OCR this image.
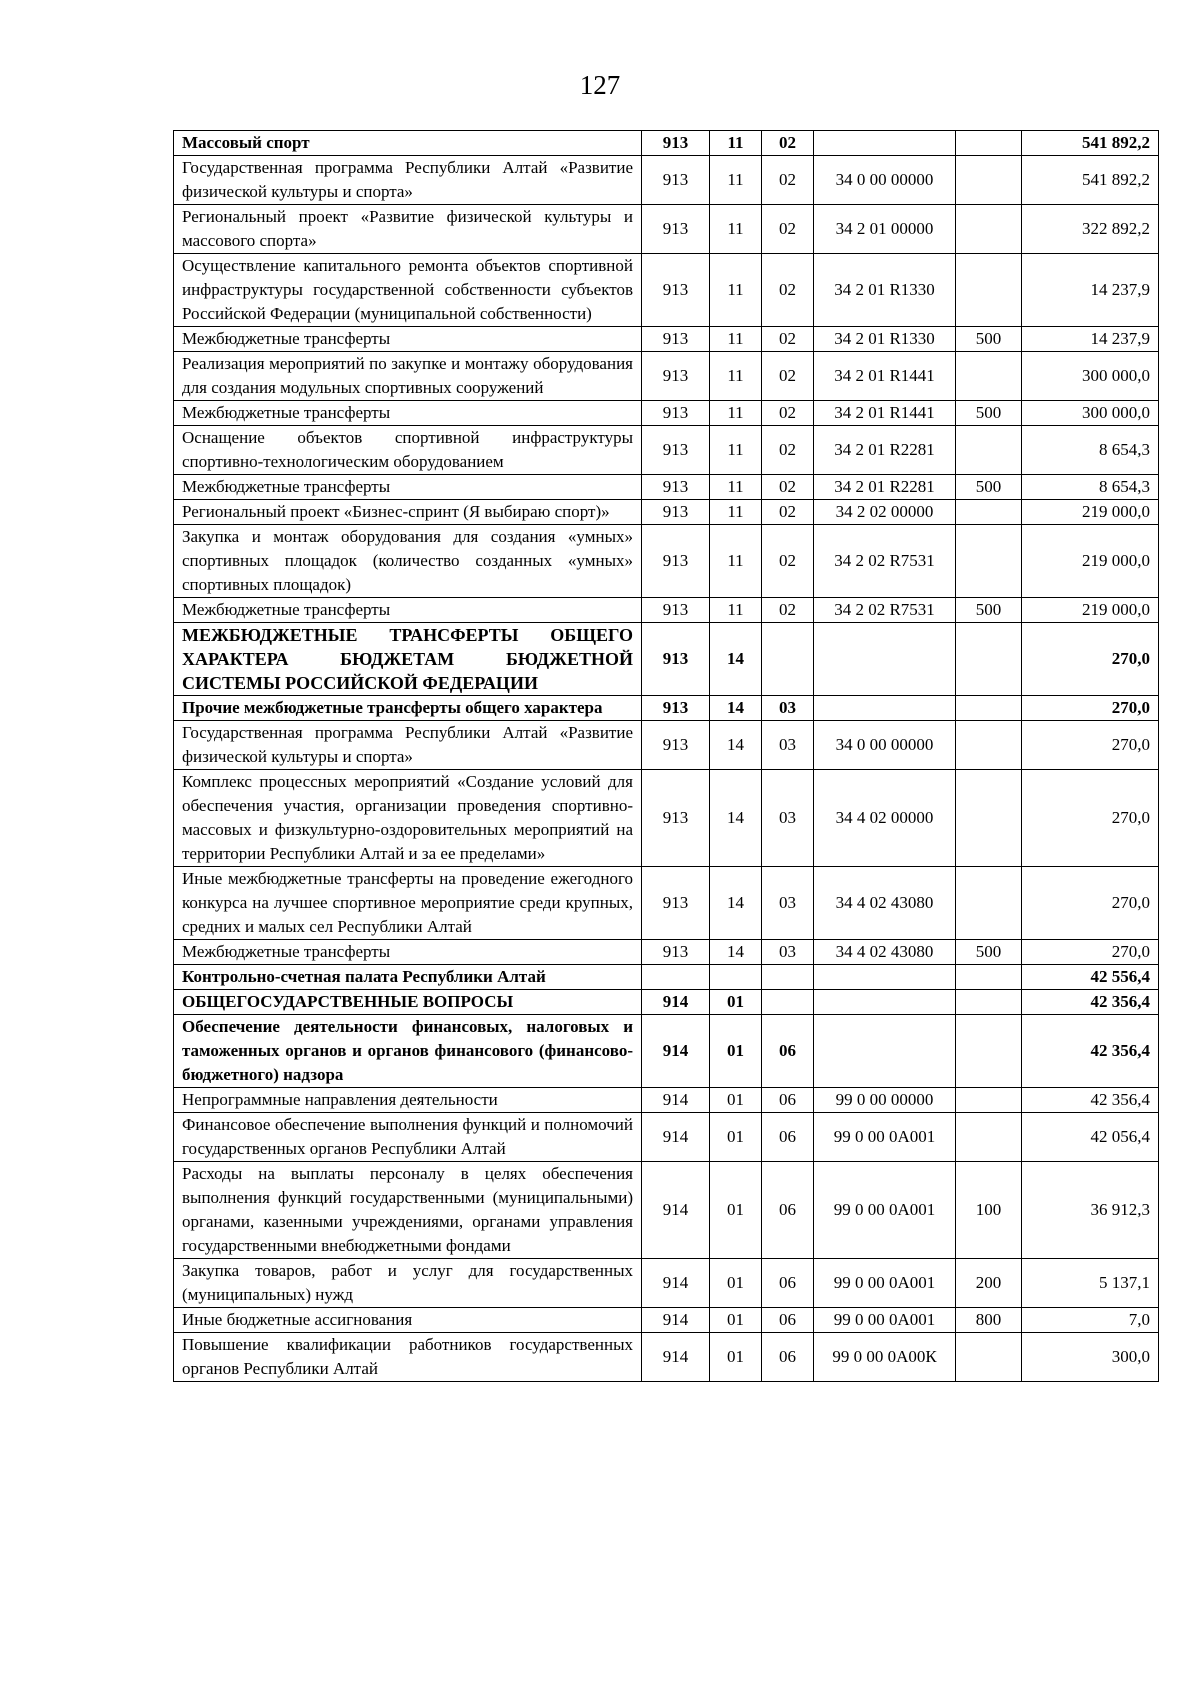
127
Массовый спорт	913	11	02			541 892,2
Государственная программа Республики Алтай «Развитие физической культуры и спорта»	913	11	02	34 0 00 00000		541 892,2
Региональный проект «Развитие физической культуры и массового спорта»	913	11	02	34 2 01 00000		322 892,2
Осуществление капитального ремонта объектов спортивной инфраструктуры государственной собственности субъектов Российской Федерации (муниципальной собственности)	913	11	02	34 2 01 R1330		14 237,9
Межбюджетные трансферты	913	11	02	34 2 01 R1330	500	14 237,9
Реализация мероприятий по закупке и монтажу оборудования для создания модульных спортивных сооружений	913	11	02	34 2 01 R1441		300 000,0
Межбюджетные трансферты	913	11	02	34 2 01 R1441	500	300 000,0
Оснащение объектов спортивной инфраструктуры спортивно-технологическим оборудованием	913	11	02	34 2 01 R2281		8 654,3
Межбюджетные трансферты	913	11	02	34 2 01 R2281	500	8 654,3
Региональный проект «Бизнес-спринт (Я выбираю спорт)»	913	11	02	34 2 02 00000		219 000,0
Закупка и монтаж оборудования для создания «умных» спортивных площадок (количество созданных «умных» спортивных площадок)	913	11	02	34 2 02 R7531		219 000,0
Межбюджетные трансферты	913	11	02	34 2 02 R7531	500	219 000,0
МЕЖБЮДЖЕТНЫЕ ТРАНСФЕРТЫ ОБЩЕГО ХАРАКТЕРА БЮДЖЕТАМ БЮДЖЕТНОЙ СИСТЕМЫ РОССИЙСКОЙ ФЕДЕРАЦИИ	913	14				270,0
Прочие межбюджетные трансферты общего характера	913	14	03			270,0
Государственная программа Республики Алтай «Развитие физической культуры и спорта»	913	14	03	34 0 00 00000		270,0
Комплекс процессных мероприятий «Создание условий для обеспечения участия, организации проведения спортивно-массовых и физкультурно-оздоровительных мероприятий на территории Республики Алтай и за ее пределами»	913	14	03	34 4 02 00000		270,0
Иные межбюджетные трансферты на проведение ежегодного конкурса на лучшее спортивное мероприятие среди крупных, средних и малых сел Республики Алтай	913	14	03	34 4 02 43080		270,0
Межбюджетные трансферты	913	14	03	34 4 02 43080	500	270,0
Контрольно-счетная палата Республики Алтай						42 556,4
ОБЩЕГОСУДАРСТВЕННЫЕ ВОПРОСЫ	914	01				42 356,4
Обеспечение деятельности финансовых, налоговых и таможенных органов и органов финансового (финансово-бюджетного) надзора	914	01	06			42 356,4
Непрограммные направления деятельности	914	01	06	99 0 00 00000		42 356,4
Финансовое обеспечение выполнения функций и полномочий государственных органов Республики Алтай	914	01	06	99 0 00 0А001		42 056,4
Расходы на выплаты персоналу в целях обеспечения выполнения функций государственными (муниципальными) органами, казенными учреждениями, органами управления государственными внебюджетными фондами	914	01	06	99 0 00 0А001	100	36 912,3
Закупка товаров, работ и услуг для государственных (муниципальных) нужд	914	01	06	99 0 00 0А001	200	5 137,1
Иные бюджетные ассигнования	914	01	06	99 0 00 0А001	800	7,0
Повышение квалификации работников государственных органов Республики Алтай	914	01	06	99 0 00 0А00К		300,0
